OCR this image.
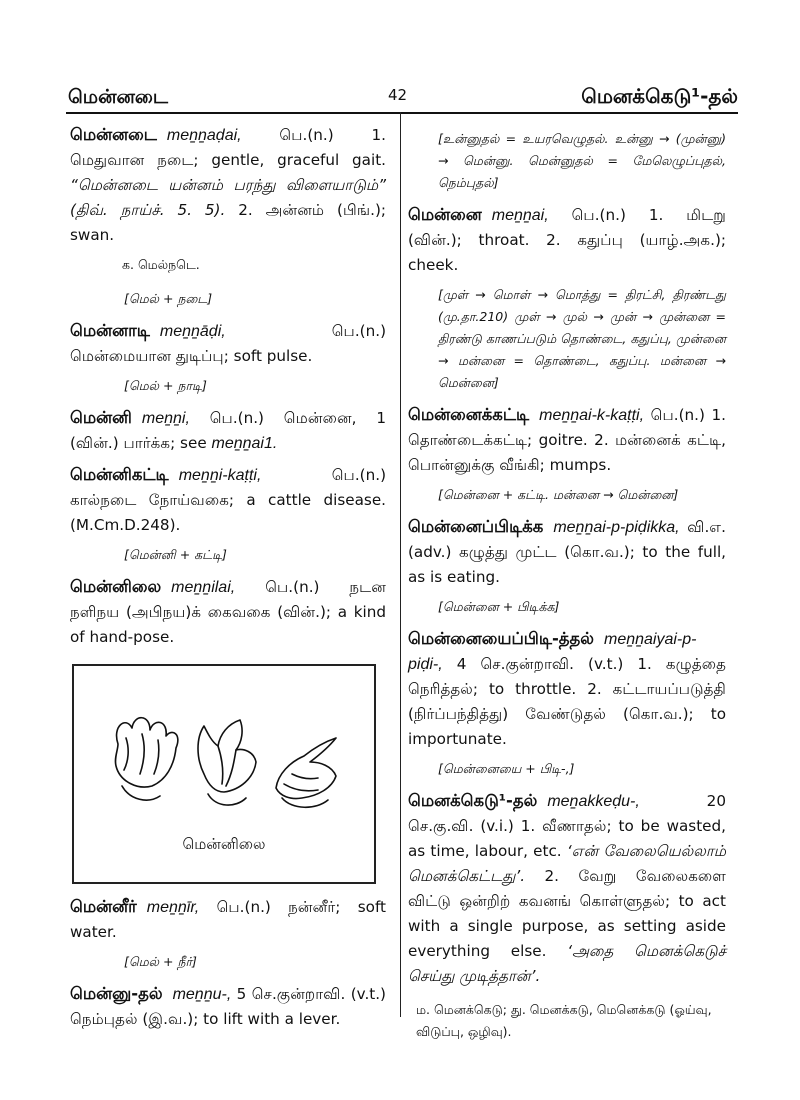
மென்னடை	42	மெனக்கெடு¹-தல்
மென்னடை meṉṉaḍai, பெ.(n.) 1. மெதுவான நடை; gentle, graceful gait. “மென்னடை யன்னம் பரந்து விளையாடும்” (திவ். நாய்ச். 5. 5). 2. அன்னம் (பிங்.); swan.
க. மெல்நடெ.
[மெல் + நடை]
மென்னாடி meṉṉāḍi,	பெ.(n.) மென்மையான துடிப்பு; soft pulse.
[மெல் + நாடி]
மென்னி meṉṉi, பெ.(n.) மென்னை, 1 (வின்.) பார்க்க; see meṉṉai1.
மென்னிகட்டி meṉṉi-kaṭṭi,	பெ.(n.) கால்நடை நோய்வகை; a cattle disease. (M.Cm.D.248).
[மென்னி + கட்டி]
மென்னிலை meṉṉilai, பெ.(n.) நடன நளிநய (அபிநய)க் கைவகை (வின்.); a kind of hand-pose.
மென்னிலை
மென்னீர் meṉṉīr, பெ.(n.) நன்னீர்; soft water.
[மெல் + நீர்]
மென்னு-தல் meṉṉu-, 5 செ.குன்றாவி. (v.t.) நெம்புதல் (இ.வ.); to lift with a lever.
[உன்னுதல் = உயரவெழுதல். உன்னு → (முன்னு) → மென்னு. மென்னுதல் = மேலெழுப்புதல், நெம்புதல்]
மென்னை meṉṉai, பெ.(n.) 1. மிடறு (வின்.); throat. 2. கதுப்பு (யாழ்.அக.); cheek.
[முள் → மொள் → மொத்து = திரட்சி, திரண்டது (மு.தா.210) முள் → முல் → முன் → முன்னை = திரண்டு காணப்படும் தொண்டை, கதுப்பு, முன்னை → மன்னை = தொண்டை, கதுப்பு. மன்னை → மென்னை]
மென்னைக்கட்டி meṉṉai-k-kaṭṭi, பெ.(n.) 1. தொண்டைக்கட்டி; goitre. 2. மன்னைக் கட்டி, பொன்னுக்கு வீங்கி; mumps.
[மென்னை + கட்டி. மன்னை → மென்னை]
மென்னைப்பிடிக்க meṉṉai-p-piḍikka, வி.எ. (adv.) கழுத்து முட்ட (கொ.வ.); to the full, as is eating.
[மென்னை + பிடிக்க]
மென்னையைப்பிடி-த்தல் meṉṉaiyai-p-piḍi-, 4 செ.குன்றாவி. (v.t.) 1. கழுத்தை நெரித்தல்; to throttle. 2. கட்டாயப்படுத்தி (நிர்ப்பந்தித்து) வேண்டுதல் (கொ.வ.); to importunate.
[மென்னையை + பிடி-,]
மெனக்கெடு¹-தல் meṉakkeḍu-,	20 செ.கு.வி. (v.i.) 1. வீணாதல்; to be wasted, as time, labour, etc. ‘என் வேலையெல்லாம் மெனக்கெட்டது’. 2. வேறு வேலைகளை விட்டு ஒன்றிற் கவனங் கொள்ளுதல்; to act with a single purpose, as setting aside everything else. ‘அதை மெனக்கெடுச் செய்து முடித்தான்’.
ம. மெனக்கெடு; து. மெனக்கடு, மெனெக்கடு (ஓய்வு, விடுப்பு, ஒழிவு).
